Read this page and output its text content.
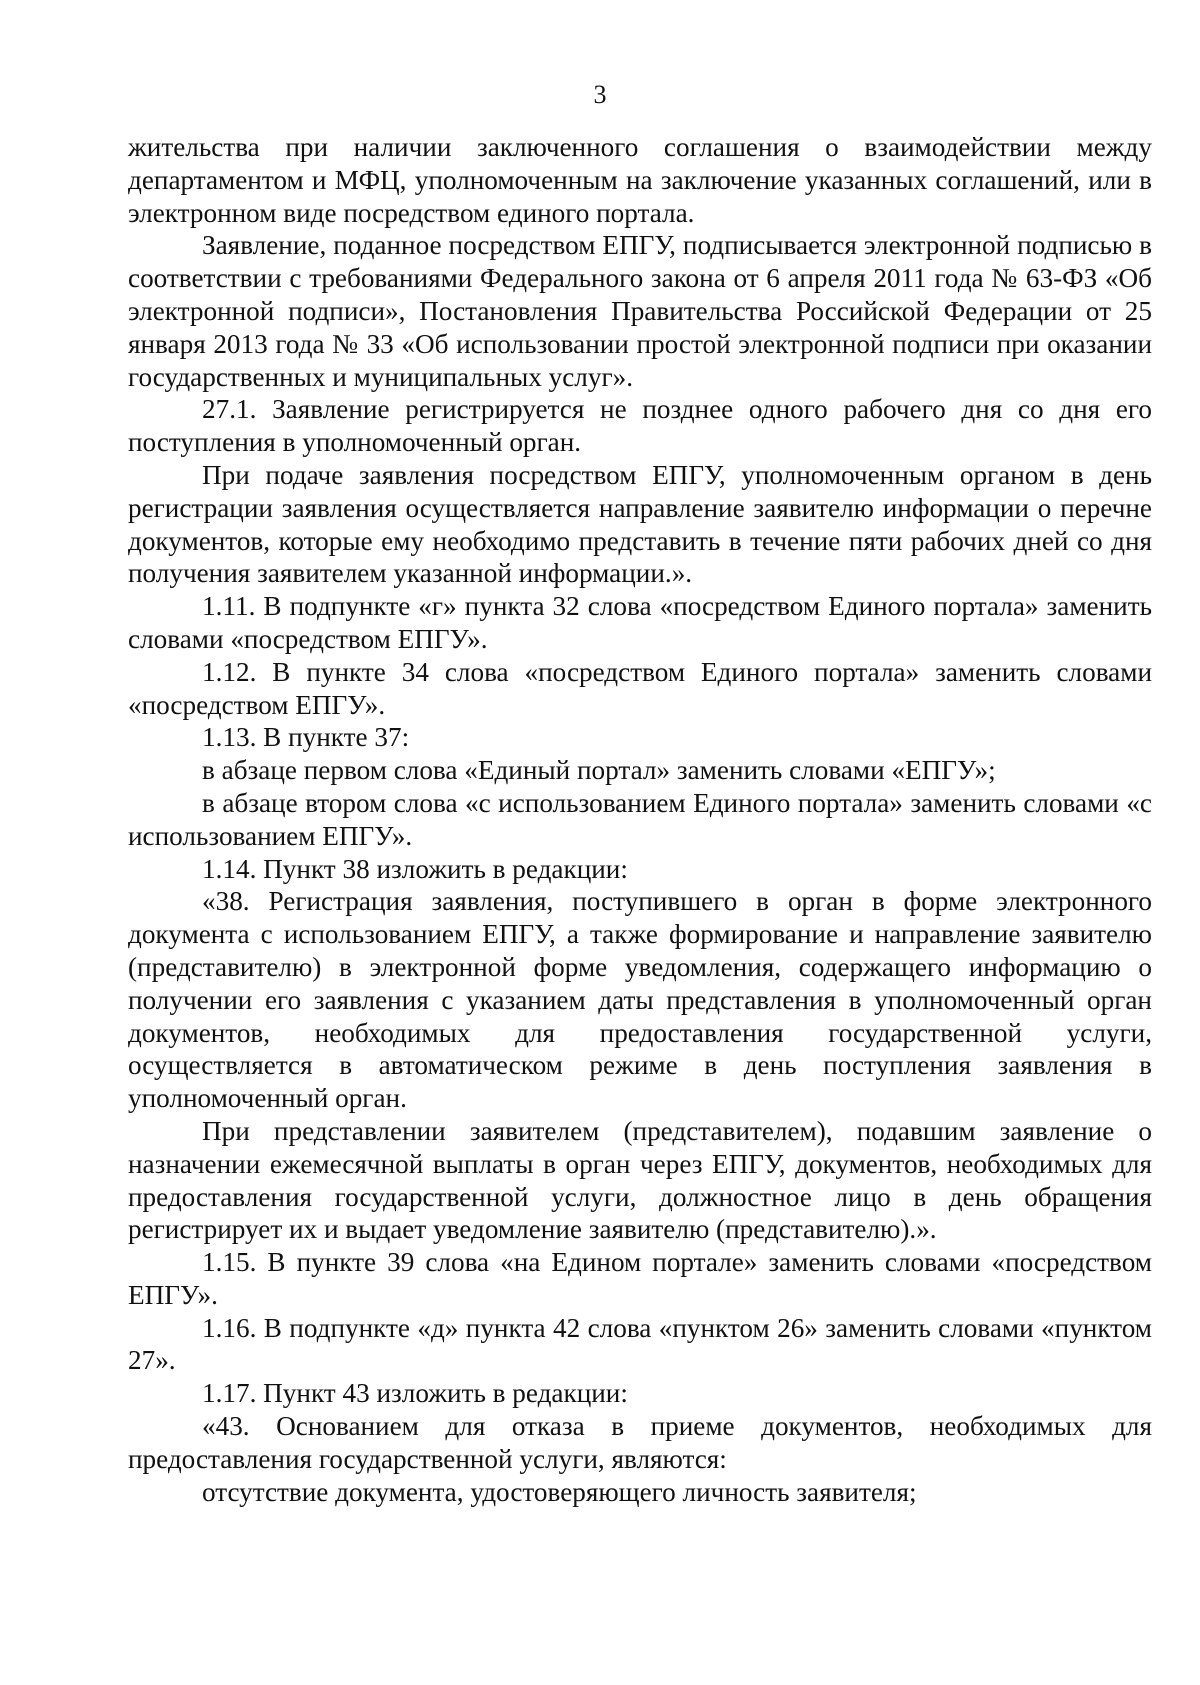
3

жительства при наличии заключенного соглашения о взаимодействии между департаментом и МФЦ, уполномоченным на заключение указанных соглашений, или в электронном виде посредством единого портала.

Заявление, поданное посредством ЕПГУ, подписывается электронной подписью в соответствии с требованиями Федерального закона от 6 апреля 2011 года № 63-ФЗ «Об электронной подписи», Постановления Правительства Российской Федерации от 25 января 2013 года № 33 «Об использовании простой электронной подписи при оказании государственных и муниципальных услуг».

27.1. Заявление регистрируется не позднее одного рабочего дня со дня его поступления в уполномоченный орган.

При подаче заявления посредством ЕПГУ, уполномоченным органом в день регистрации заявления осуществляется направление заявителю информации о перечне документов, которые ему необходимо представить в течение пяти рабочих дней со дня получения заявителем указанной информации.».

1.11. В подпункте «г» пункта 32 слова «посредством Единого портала» заменить словами «посредством ЕПГУ».

1.12. В пункте 34 слова «посредством Единого портала» заменить словами «посредством ЕПГУ».

1.13. В пункте 37:

в абзаце первом слова «Единый портал» заменить словами «ЕПГУ»;

в абзаце втором слова «с использованием Единого портала» заменить словами «с использованием ЕПГУ».

1.14. Пункт 38 изложить в редакции:

«38. Регистрация заявления, поступившего в орган в форме электронного документа с использованием ЕПГУ, а также формирование и направление заявителю (представителю) в электронной форме уведомления, содержащего информацию о получении его заявления с указанием даты представления в уполномоченный орган документов, необходимых для предоставления государственной услуги, осуществляется в автоматическом режиме в день поступления заявления в уполномоченный орган.

При представлении заявителем (представителем), подавшим заявление о назначении ежемесячной выплаты в орган через ЕПГУ, документов, необходимых для предоставления государственной услуги, должностное лицо в день обращения регистрирует их и выдает уведомление заявителю (представителю).».

1.15. В пункте 39 слова «на Едином портале» заменить словами «посредством ЕПГУ».

1.16. В подпункте «д» пункта 42 слова «пунктом 26» заменить словами «пунктом 27».

1.17. Пункт 43 изложить в редакции:

«43. Основанием для отказа в приеме документов, необходимых для предоставления государственной услуги, являются:

отсутствие документа, удостоверяющего личность заявителя;
